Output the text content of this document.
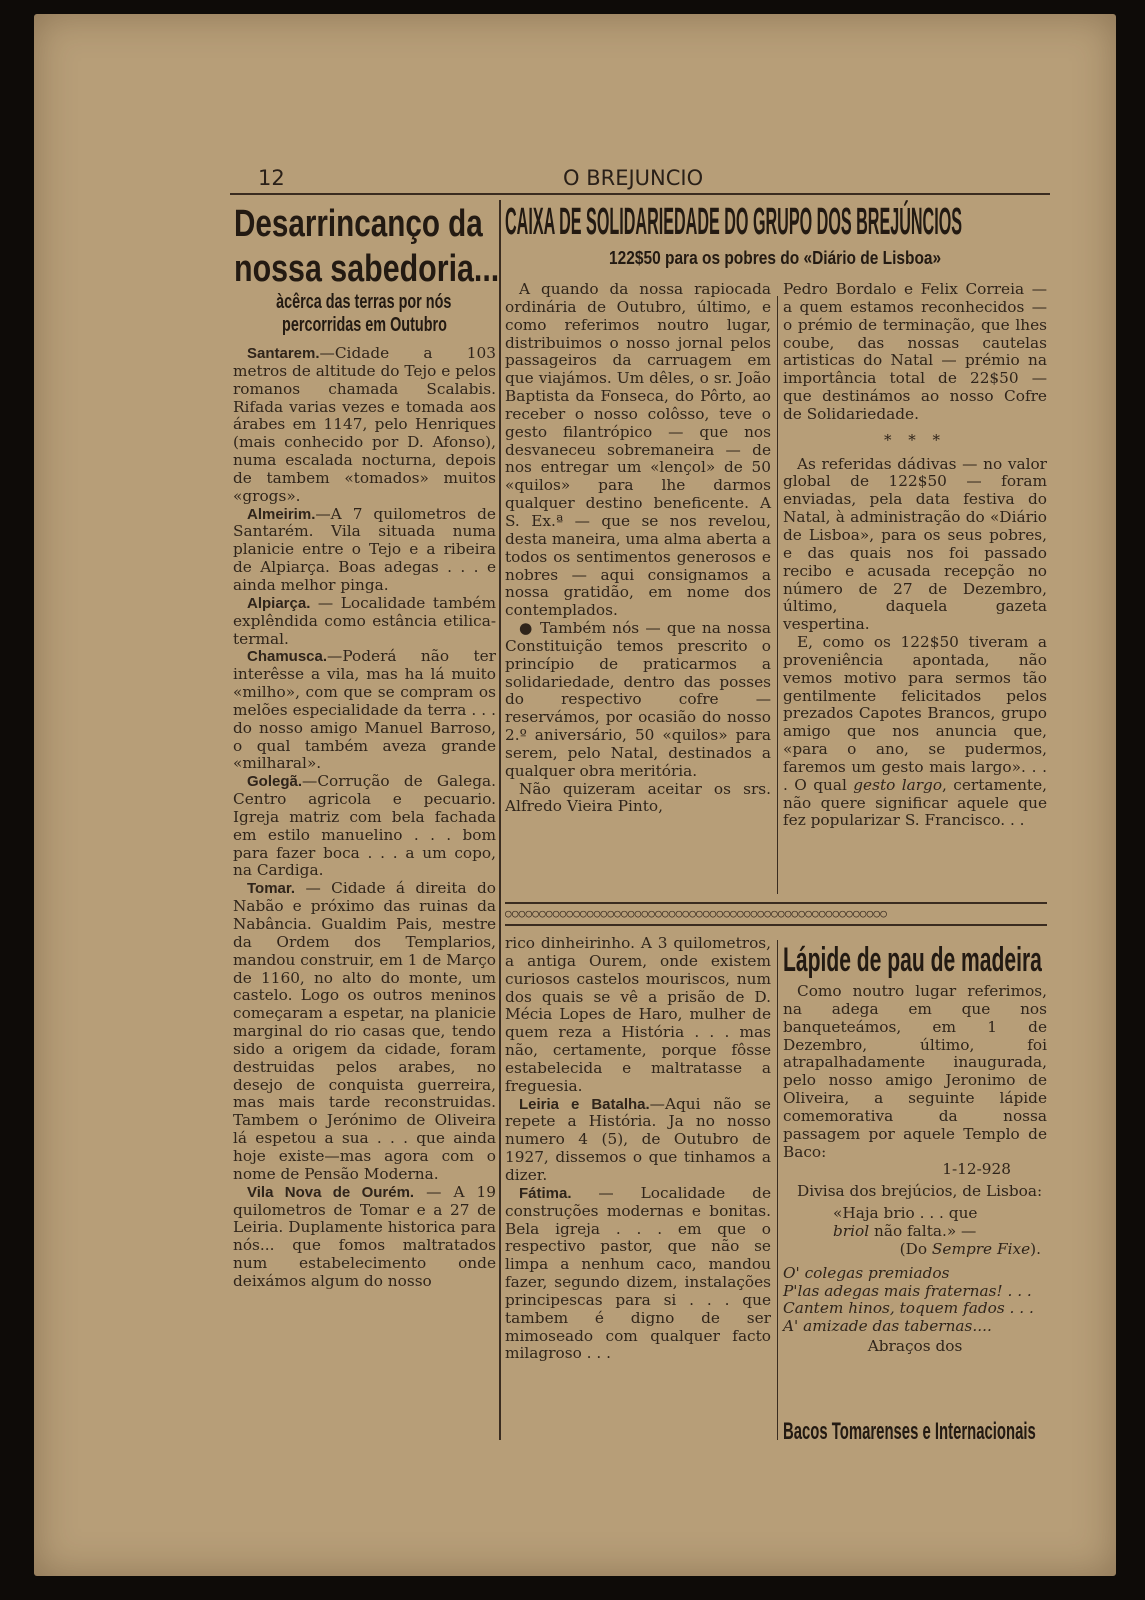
12	O BREJUNCIO
Desarrincanço da
nossa sabedoria...
àcêrca das terras por nós
percorridas em Outubro

Santarem.—Cidade a 103 metros de altitude do Tejo e pelos romanos chamada Scalabis. Rifada varias vezes e tomada aos árabes em 1147, pelo Henriques (mais conhecido por D. Afonso), numa escalada nocturna, depois de tambem «tomados» muitos «grogs».

Almeirim.—A 7 quilometros de Santarém. Vila situada numa planicie entre o Tejo e a ribeira de Alpiarça. Boas adegas . . . e ainda melhor pinga.

Alpiarça. — Localidade também explêndida como estância etilica-termal.

Chamusca.—Poderá não ter interêsse a vila, mas ha lá muito «milho», com que se compram os melões especialidade da terra . . . do nosso amigo Manuel Barroso, o qual também aveza grande «milharal».

Golegã.—Corrução de Galega. Centro agricola e pecuario. Igreja matriz com bela fachada em estilo manuelino . . . bom para fazer boca . . . a um copo, na Cardiga.

Tomar. — Cidade á direita do Nabão e próximo das ruinas da Nabância. Gualdim Pais, mestre da Ordem dos Templarios, mandou construir, em 1 de Março de 1160, no alto do monte, um castelo. Logo os outros meninos começaram a espetar, na planicie marginal do rio casas que, tendo sido a origem da cidade, foram destruidas pelos arabes, no desejo de conquista guerreira, mas mais tarde reconstruidas. Tambem o Jerónimo de Oliveira lá espetou a sua . . . que ainda hoje existe—mas agora com o nome de Pensão Moderna.

Vila Nova de Ourém. — A 19 quilometros de Tomar e a 27 de Leiria. Duplamente historica para nós... que fomos maltratados num estabelecimento onde deixámos algum do nosso

CAIXA DE SOLIDARIEDADE DO GRUPO DOS BREJÚNCIOS
122$50 para os pobres do «Diário de Lisboa»

A quando da nossa rapiocada ordinária de Outubro, último, e como referimos noutro lugar, distribuimos o nosso jornal pelos passageiros da carruagem em que viajámos. Um dêles, o sr. João Baptista da Fonseca, do Pôrto, ao receber o nosso colôsso, teve o gesto filantrópico — que nos desvaneceu sobremaneira — de nos entregar um «lençol» de 50 «quilos» para lhe darmos qualquer destino beneficente. A S. Ex.ª — que se nos revelou, desta maneira, uma alma aberta a todos os sentimentos generosos e nobres — aqui consignamos a nossa gratidão, em nome dos contemplados.

● Também nós — que na nossa Constituição temos prescrito o princípio de praticarmos a solidariedade, dentro das posses do respectivo cofre — reservámos, por ocasião do nosso 2.º aniversário, 50 «quilos» para serem, pelo Natal, destinados a qualquer obra meritória.

Não quizeram aceitar os srs. Alfredo Vieira Pinto,

Pedro Bordalo e Felix Correia — a quem estamos reconhecidos — o prémio de terminação, que lhes coube, das nossas cautelas artisticas do Natal — prémio na importância total de 22$50 — que destinámos ao nosso Cofre de Solidariedade.

* * *

As referidas dádivas — no valor global de 122$50 — foram enviadas, pela data festiva do Natal, à administração do «Diário de Lisboa», para os seus pobres, e das quais nos foi passado recibo e acusada recepção no número de 27 de Dezembro, último, daquela gazeta vespertina.

E, como os 122$50 tiveram a proveniência apontada, não vemos motivo para sermos tão gentilmente felicitados pelos prezados Capotes Brancos, grupo amigo que nos anuncia que, «para o ano, se pudermos, faremos um gesto mais largo». . . . O qual gesto largo, certamente, não quere significar aquele que fez popularizar S. Francisco. . .

○○○○○○○○○○○○○○○○○○○○○○○○○○○○○○○○○○○○○○○○○○○○○○○○○○○○○○○○

rico dinheirinho. A 3 quilometros, a antiga Ourem, onde existem curiosos castelos mouriscos, num dos quais se vê a prisão de D. Mécia Lopes de Haro, mulher de quem reza a História . . . mas não, certamente, porque fôsse estabelecida e maltratasse a freguesia.

Leiria e Batalha.—Aqui não se repete a História. Ja no nosso numero 4 (5), de Outubro de 1927, dissemos o que tinhamos a dizer.

Fátima. — Localidade de construções modernas e bonitas. Bela igreja . . . em que o respectivo pastor, que não se limpa a nenhum caco, mandou fazer, segundo dizem, instalações principescas para si . . . que tambem é digno de ser mimoseado com qualquer facto milagroso . . .

Lápide de pau de madeira

Como noutro lugar referimos, na adega em que nos banqueteámos, em 1 de Dezembro, último, foi atrapalhadamente inaugurada, pelo nosso amigo Jeronimo de Oliveira, a seguinte lápide comemorativa da nossa passagem por aquele Templo de Baco:

1-12-928

Divisa dos brejúcios, de Lisboa:

«Haja brio . . . que

briol não falta.» —

(Do Sempre Fixe).

O' colegas premiados

P'las adegas mais fraternas! . . .

Cantem hinos, toquem fados . . .

A' amizade das tabernas....

Abraços dos

Bacos Tomarenses e Internacionais
